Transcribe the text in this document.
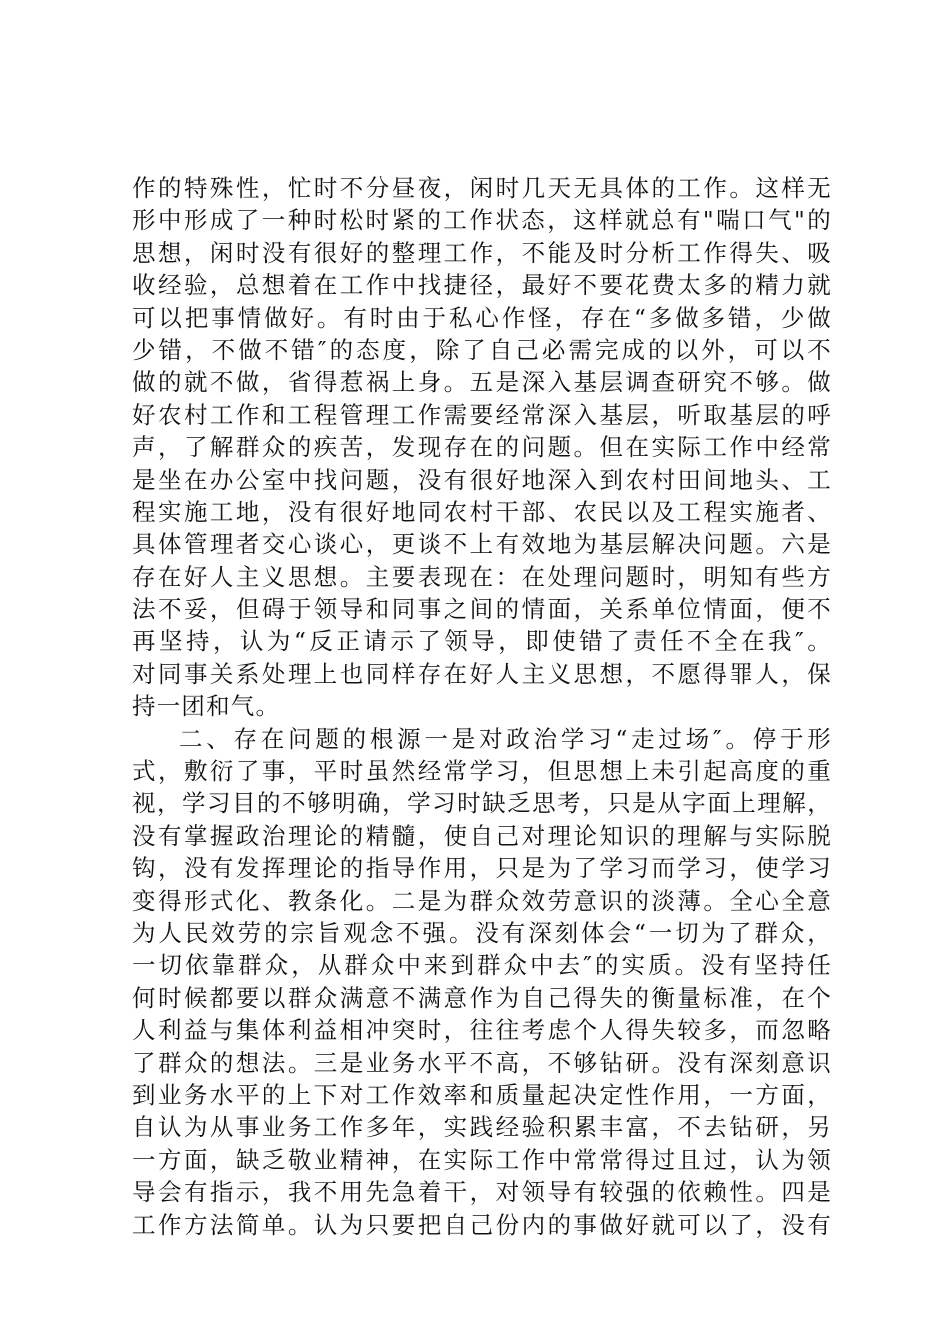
作的特殊性，忙时不分昼夜，闲时几天无具体的工作。这样无
形中形成了一种时松时紧的工作状态，这样就总有"喘口气"的
思想，闲时没有很好的整理工作，不能及时分析工作得失、吸
收经验，总想着在工作中找捷径，最好不要花费太多的精力就
可以把事情做好。有时由于私心作怪，存在“多做多错，少做
少错，不做不错″的态度，除了自己必需完成的以外，可以不
做的就不做，省得惹祸上身。五是深入基层调查研究不够。做
好农村工作和工程管理工作需要经常深入基层，听取基层的呼
声，了解群众的疾苦，发现存在的问题。但在实际工作中经常
是坐在办公室中找问题，没有很好地深入到农村田间地头、工
程实施工地，没有很好地同农村干部、农民以及工程实施者、
具体管理者交心谈心，更谈不上有效地为基层解决问题。六是
存在好人主义思想。主要表现在：在处理问题时，明知有些方
法不妥，但碍于领导和同事之间的情面，关系单位情面，便不
再坚持，认为“反正请示了领导，即使错了责任不全在我″。
对同事关系处理上也同样存在好人主义思想，不愿得罪人，保
持一团和气。
二、存在问题的根源一是对政治学习“走过场″。停于形
式，敷衍了事，平时虽然经常学习，但思想上未引起高度的重
视，学习目的不够明确，学习时缺乏思考，只是从字面上理解，
没有掌握政治理论的精髓，使自己对理论知识的理解与实际脱
钩，没有发挥理论的指导作用，只是为了学习而学习，使学习
变得形式化、教条化。二是为群众效劳意识的淡薄。全心全意
为人民效劳的宗旨观念不强。没有深刻体会“一切为了群众，
一切依靠群众，从群众中来到群众中去″的实质。没有坚持任
何时候都要以群众满意不满意作为自己得失的衡量标准，在个
人利益与集体利益相冲突时，往往考虑个人得失较多，而忽略
了群众的想法。三是业务水平不高，不够钻研。没有深刻意识
到业务水平的上下对工作效率和质量起决定性作用，一方面，
自认为从事业务工作多年，实践经验积累丰富，不去钻研，另
一方面，缺乏敬业精神，在实际工作中常常得过且过，认为领
导会有指示，我不用先急着干，对领导有较强的依赖性。四是
工作方法简单。认为只要把自己份内的事做好就可以了，没有
